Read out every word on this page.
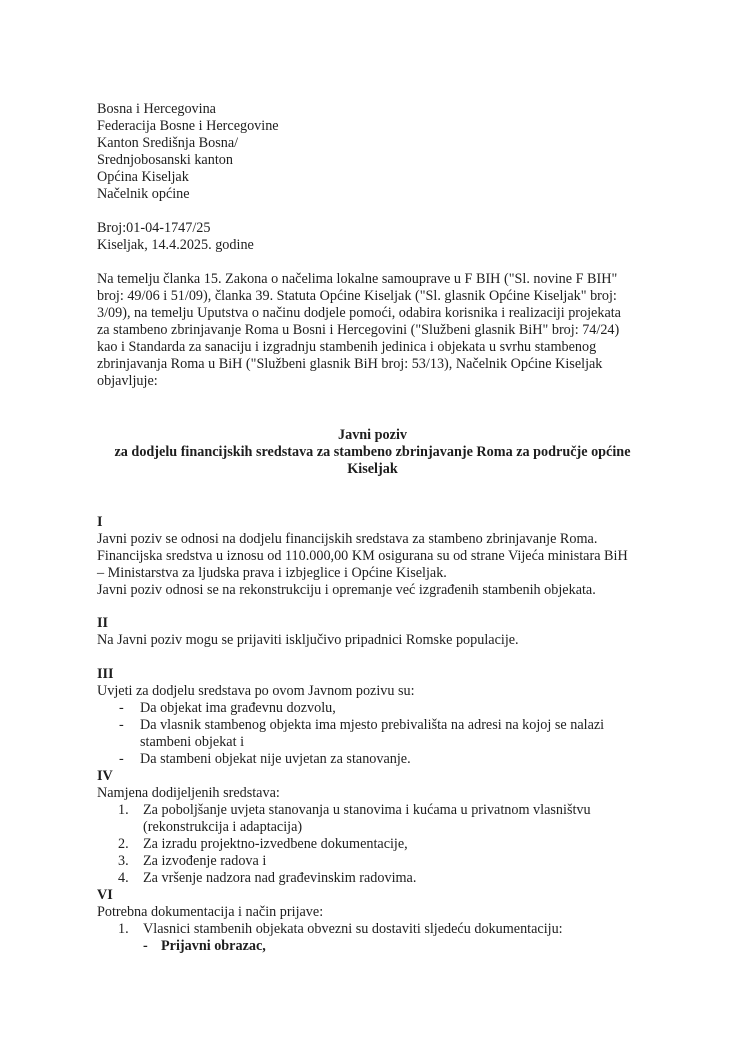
Bosna i Hercegovina
Federacija Bosne i Hercegovine
Kanton Središnja Bosna/
Srednjobosanski kanton
Općina Kiseljak
Načelnik općine
Broj:01-04-1747/25
Kiseljak, 14.4.2025. godine
Na temelju članka 15. Zakona o načelima lokalne samouprave u F BIH ("Sl. novine F BIH"
broj: 49/06 i 51/09), članka 39. Statuta Općine Kiseljak ("Sl. glasnik Općine Kiseljak" broj:
3/09), na temelju Uputstva o načinu dodjele pomoći, odabira korisnika i realizaciji projekata
za stambeno zbrinjavanje Roma u Bosni i Hercegovini ("Službeni glasnik BiH" broj: 74/24)
kao i Standarda za sanaciju i izgradnju stambenih jedinica i objekata u svrhu stambenog
zbrinjavanja Roma u BiH ("Službeni glasnik BiH broj: 53/13), Načelnik Općine Kiseljak
objavljuje:
Javni poziv
za dodjelu financijskih sredstava za stambeno zbrinjavanje Roma za područje općine
Kiseljak
I
Javni poziv se odnosi na dodjelu financijskih sredstava za stambeno zbrinjavanje Roma.
Financijska sredstva u iznosu od 110.000,00 KM osigurana su od strane Vijeća ministara BiH
– Ministarstva za ljudska prava i izbjeglice i Općine Kiseljak.
Javni poziv odnosi se na rekonstrukciju i opremanje već izgrađenih stambenih objekata.
II
Na Javni poziv mogu se prijaviti isključivo pripadnici Romske populacije.
III
Uvjeti za dodjelu sredstava po ovom Javnom pozivu su:
- Da objekat ima građevnu dozvolu,
- Da vlasnik stambenog objekta ima mjesto prebivališta na adresi na kojoj se nalazi
stambeni objekat i
- Da stambeni objekat nije uvjetan za stanovanje.
IV
Namjena dodijeljenih sredstava:
1. Za poboljšanje uvjeta stanovanja u stanovima i kućama u privatnom vlasništvu
(rekonstrukcija i adaptacija)
2. Za izradu projektno-izvedbene dokumentacije,
3. Za izvođenje radova i
4. Za vršenje nadzora nad građevinskim radovima.
VI
Potrebna dokumentacija i način prijave:
1. Vlasnici stambenih objekata obvezni su dostaviti sljedeću dokumentaciju:
- Prijavni obrazac,
